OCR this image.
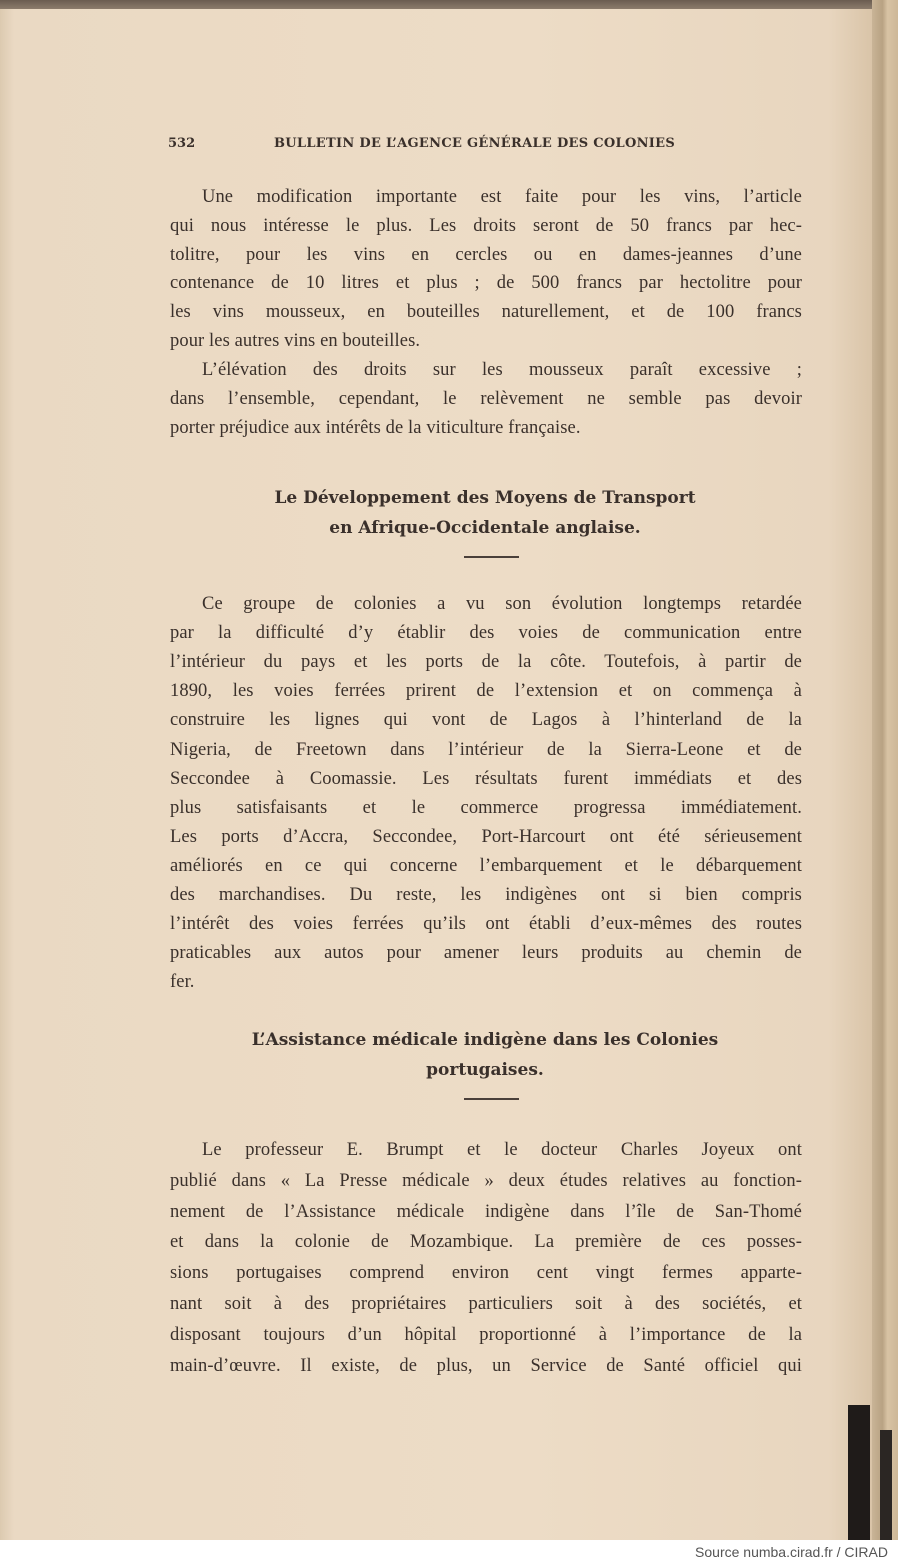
532	BULLETIN DE L’AGENCE GÉNÉRALE DES COLONIES
Une modification importante est faite pour les vins, l’article
qui nous intéresse le plus. Les droits seront de 50 francs par hec-
tolitre, pour les vins en cercles ou en dames-jeannes d’une
contenance de 10 litres et plus ; de 500 francs par hectolitre pour
les vins mousseux, en bouteilles naturellement, et de 100 francs
pour les autres vins en bouteilles.
L’élévation des droits sur les mousseux paraît excessive ;
dans l’ensemble, cependant, le relèvement ne semble pas devoir
porter préjudice aux intérêts de la viticulture française.
Le Développement des Moyens de Transport
en Afrique-Occidentale anglaise.
Ce groupe de colonies a vu son évolution longtemps retardée
par la difficulté d’y établir des voies de communication entre
l’intérieur du pays et les ports de la côte. Toutefois, à partir de
1890, les voies ferrées prirent de l’extension et on commença à
construire les lignes qui vont de Lagos à l’hinterland de la
Nigeria, de Freetown dans l’intérieur de la Sierra-Leone et de
Seccondee à Coomassie. Les résultats furent immédiats et des
plus satisfaisants et le commerce progressa immédiatement.
Les ports d’Accra, Seccondee, Port-Harcourt ont été sérieusement
améliorés en ce qui concerne l’embarquement et le débarquement
des marchandises. Du reste, les indigènes ont si bien compris
l’intérêt des voies ferrées qu’ils ont établi d’eux-mêmes des routes
praticables aux autos pour amener leurs produits au chemin de
fer.
L’Assistance médicale indigène dans les Colonies
portugaises.
Le professeur E. Brumpt et le docteur Charles Joyeux ont
publié dans « La Presse médicale » deux études relatives au fonction-
nement de l’Assistance médicale indigène dans l’île de San-Thomé
et dans la colonie de Mozambique. La première de ces posses-
sions portugaises comprend environ cent vingt fermes apparte-
nant soit à des propriétaires particuliers soit à des sociétés, et
disposant toujours d’un hôpital proportionné à l’importance de la
main-d’œuvre. Il existe, de plus, un Service de Santé officiel qui
Source numba.cirad.fr / CIRAD
